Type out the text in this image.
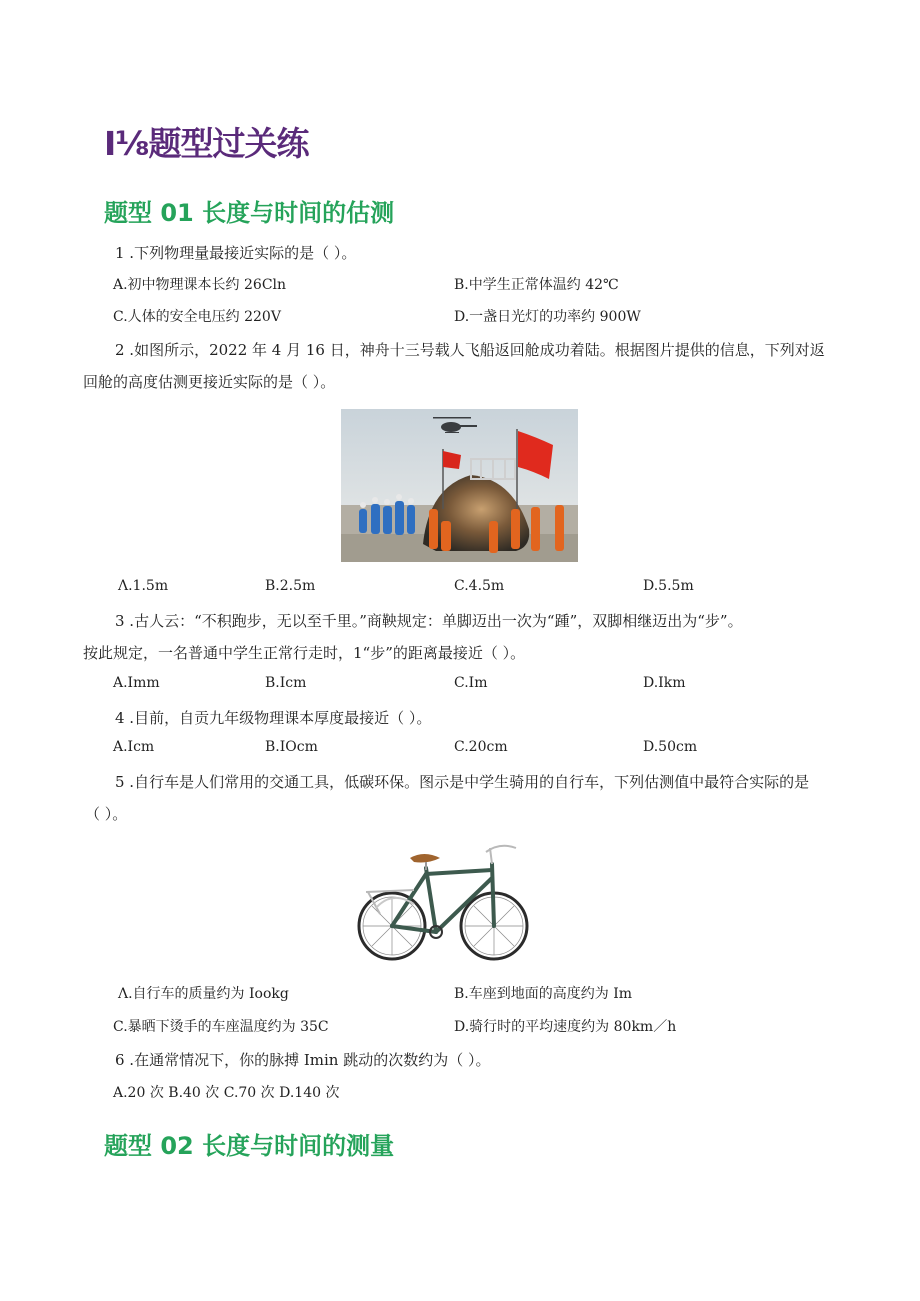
Ⅰ⅛题型过关练
题型 01 长度与时间的估测
1 .下列物理量最接近实际的是（ ）。
A.初中物理课本长约 26Cln	B.中学生正常体温约 42℃
C.人体的安全电压约 220V	D.一盏日光灯的功率约 900W
2 .如图所示，2022 年 4 月 16 日，神舟十三号载人飞船返回舱成功着陆。根据图片提供的信息，下列对返
回舱的高度估测更接近实际的是（ ）。
Λ.1.5m	B.2.5m	C.4.5m	D.5.5m
3 .古人云：“不积跑步，无以至千里。”商鞅规定：单脚迈出一次为“踵”，双脚相继迈出为“步”。
按此规定，一名普通中学生正常行走时，1“步”的距离最接近（ ）。
A.Imm	B.Icm	C.Im	D.Ikm
4 .目前，自贡九年级物理课本厚度最接近（ ）。
A.Icm	B.IOcm	C.20cm	D.50cm
5 .自行车是人们常用的交通工具，低碳环保。图示是中学生骑用的自行车，下列估测值中最符合实际的是
（ ）。
Λ.自行车的质量约为 Iookg	B.车座到地面的高度约为 Im
C.暴晒下烫手的车座温度约为 35C	D.骑行时的平均速度约为 80km／h
6 .在通常情况下，你的脉搏 Imin 跳动的次数约为（ ）。
A.20 次 B.40 次 C.70 次 D.140 次
题型 02 长度与时间的测量
